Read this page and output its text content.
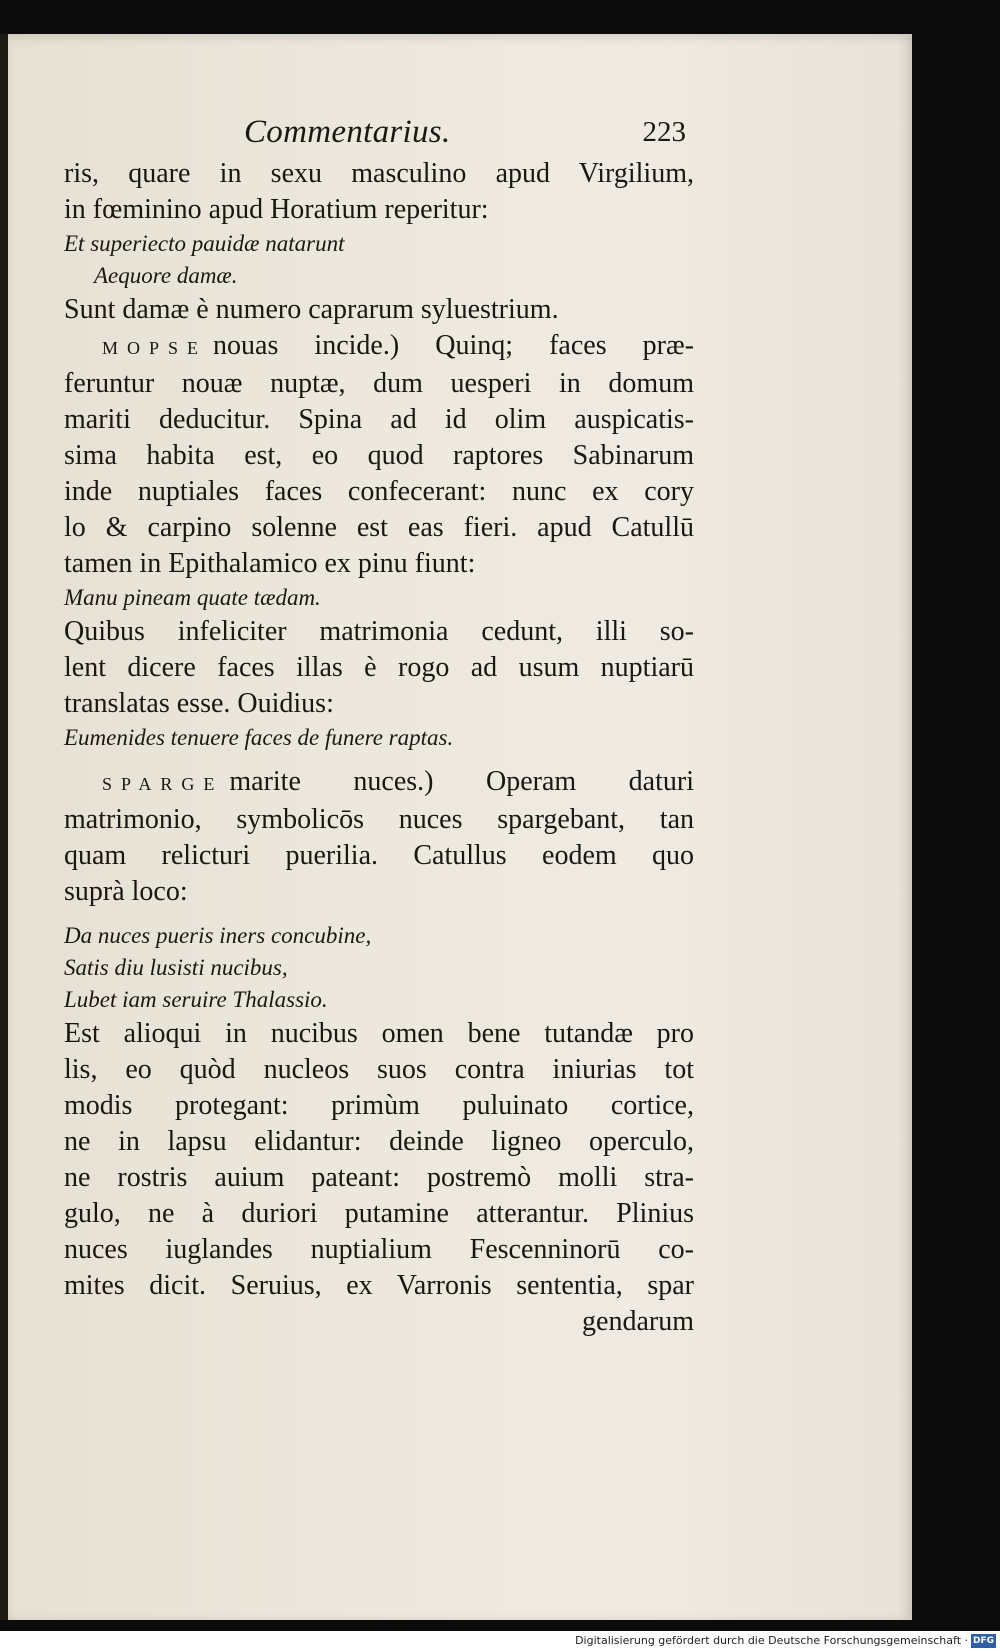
Commentarius.	223
ris, quare in sexu masculino apud Virgilium,
in fœminino apud Horatium reperitur:
Et superiecto pauidæ natarunt
Aequore damæ.
Sunt damæ è numero caprarum syluestrium.
MOPSE nouas incide.) Quinq; faces præ-
feruntur nouæ nuptæ, dum uesperi in domum
mariti deducitur. Spina ad id olim auspicatis-
sima habita est, eo quod raptores Sabinarum
inde nuptiales faces confecerant: nunc ex cory
lo & carpino solenne est eas fieri. apud Catullū
tamen in Epithalamico ex pinu fiunt:
Manu pineam quate tædam.
Quibus infeliciter matrimonia cedunt, illi so-
lent dicere faces illas è rogo ad usum nuptiarū
translatas esse. Ouidius:
Eumenides tenuere faces de funere raptas.
SPARGE marite nuces.) Operam daturi
matrimonio, symbolicōs nuces spargebant, tan
quam relicturi puerilia. Catullus eodem quo
suprà loco:
Da nuces pueris iners concubine,
Satis diu lusisti nucibus,
Lubet iam seruire Thalassio.
Est alioqui in nucibus omen bene tutandæ pro
lis, eo quòd nucleos suos contra iniurias tot
modis protegant: primùm puluinato cortice,
ne in lapsu elidantur: deinde ligneo operculo,
ne rostris auium pateant: postremò molli stra-
gulo, ne à duriori putamine atterantur. Plinius
nuces iuglandes nuptialium Fescenninorū co-
mites dicit. Seruius, ex Varronis sententia, spar
gendarum
Digitalisierung gefördert durch die Deutsche Forschungsgemeinschaft · DFG
